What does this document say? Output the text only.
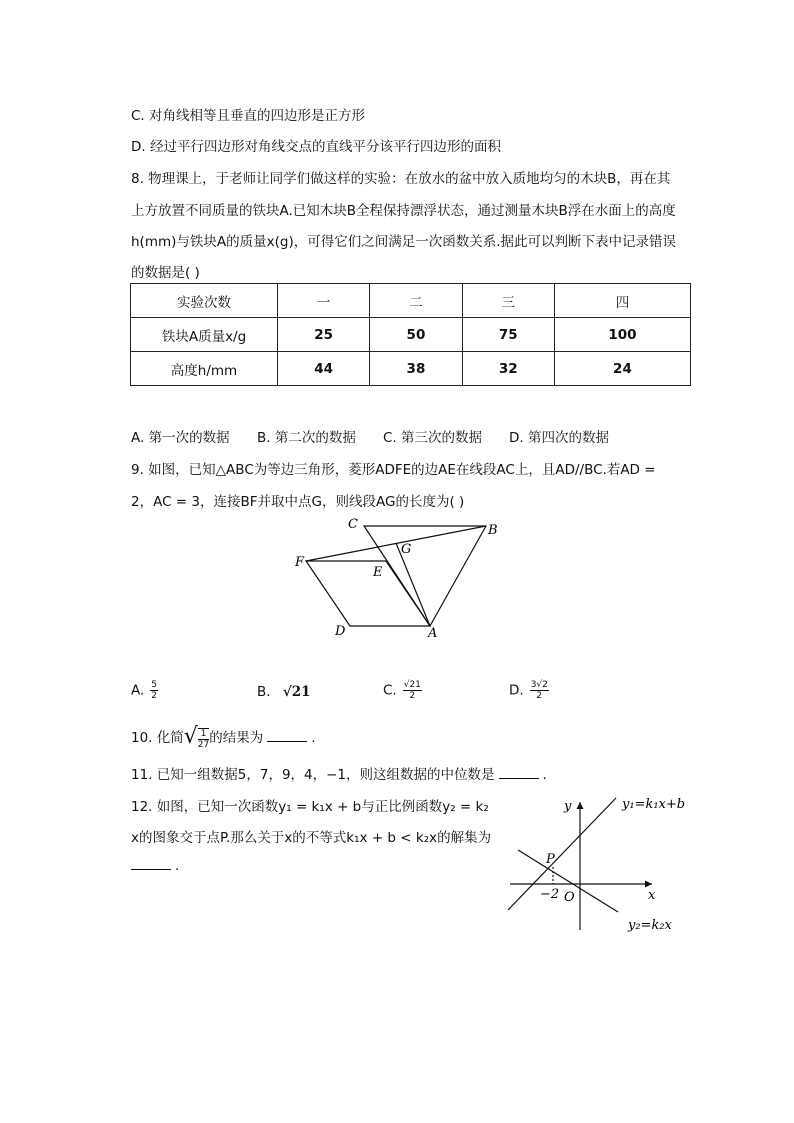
C. 对角线相等且垂直的四边形是正方形
D. 经过平行四边形对角线交点的直线平分该平行四边形的面积
8. 物理课上，于老师让同学们做这样的实验：在放水的盆中放入质地均匀的木块B，再在其
上方放置不同质量的铁块A.已知木块B全程保持漂浮状态，通过测量木块B浮在水面上的高度
h(mm)与铁块A的质量x(g)，可得它们之间满足一次函数关系.据此可以判断下表中记录错误
的数据是( )
实验次数	一	二	三	四
铁块A质量x/g	25	50	75	100
高度h/mm	44	38	32	24
A. 第一次的数据 B. 第二次的数据 C. 第三次的数据 D. 第四次的数据
9. 如图，已知△ABC为等边三角形，菱形ADFE的边AE在线段AC上，且AD//BC.若AD =
2，AC = 3，连接BF并取中点G，则线段AG的长度为( )
C	B
G
F
E
D	A
A. $\frac{5}{2}$	B. √21	C. $\frac{√21}{2}$	D. $\frac{3√2}{2}$
10. 化简√ $\frac{1}{27}$ 的结果为	.
11. 已知一组数据5，7，9，4，−1，则这组数据的中位数是	.
12. 如图，已知一次函数y₁ = k₁x + b与正比例函数y₂ = k₂
x的图象交于点P.那么关于x的不等式k₁x + b < k₂x的解集为
.
y
x
O
P
−2
y₁=k₁x+b
y₂=k₂x
